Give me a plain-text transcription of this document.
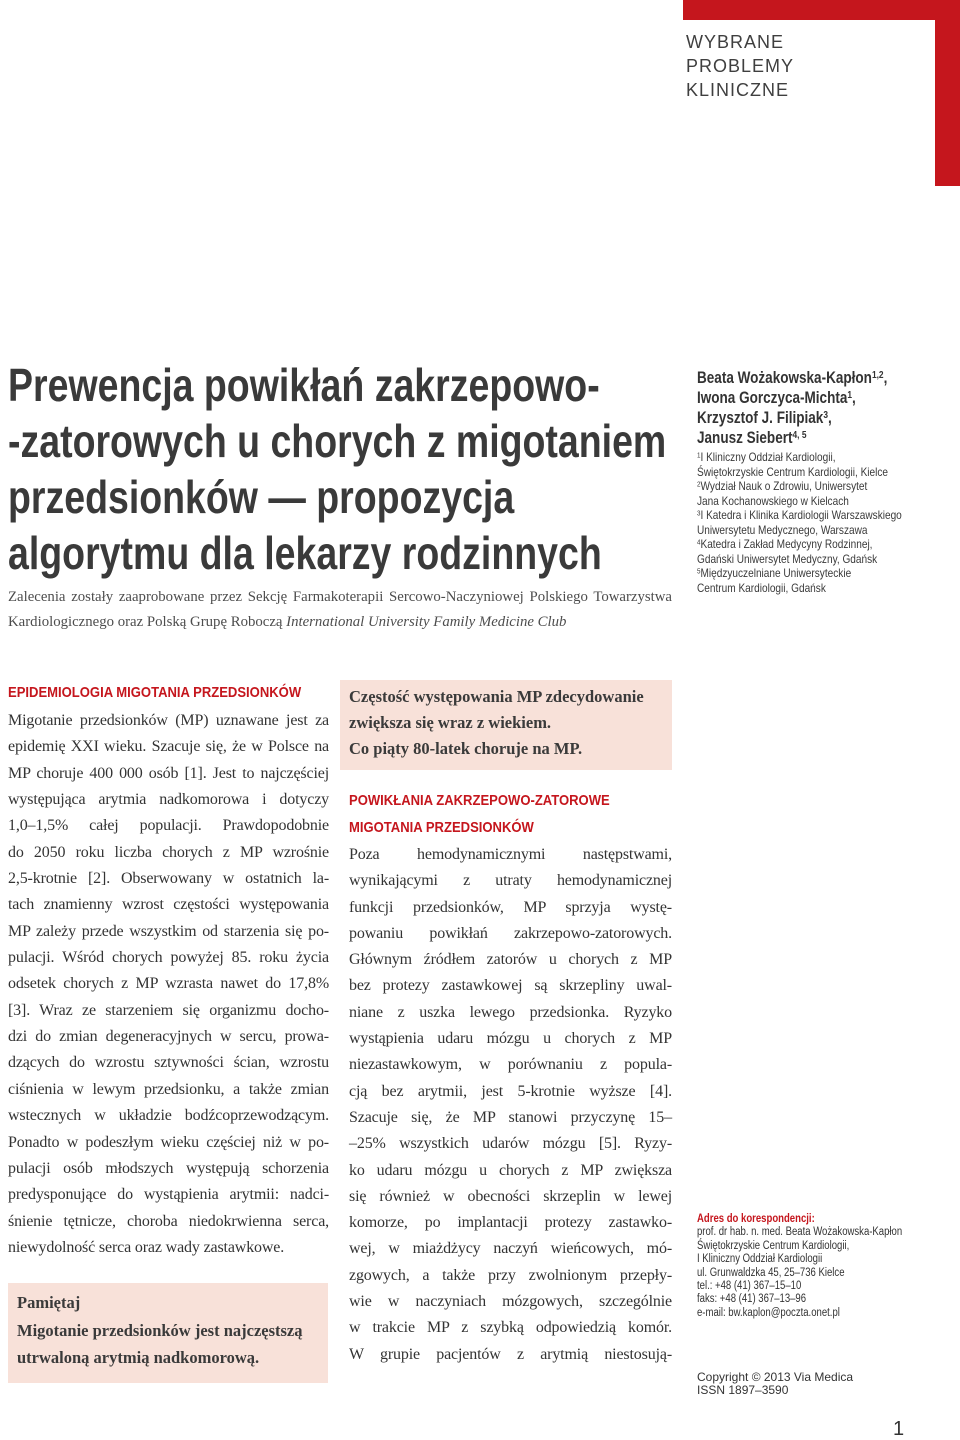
WYBRANE
PROBLEMY
KLINICZNE
Prewencja powikłań zakrzepowo-
-zatorowych u chorych z migotaniem
przedsionków — propozycja
algorytmu dla lekarzy rodzinnych
Zalecenia zostały zaaprobowane przez Sekcję Farmakoterapii Sercowo-Naczyniowej Polskiego Towarzystwa
Kardiologicznego oraz Polską Grupę Roboczą International University Family Medicine Club
Beata Wożakowska-Kapłon$^{1,2}$,
Iwona Gorczyca-Michta$^1$,
Krzysztof J. Filipiak$^3$,
Janusz Siebert$^{4, 5}$
$^1$I Kliniczny Oddział Kardiologii,
Świętokrzyskie Centrum Kardiologii, Kielce
$^2$Wydział Nauk o Zdrowiu, Uniwersytet
Jana Kochanowskiego w Kielcach
$^3$I Katedra i Klinika Kardiologii Warszawskiego
Uniwersytetu Medycznego, Warszawa
$^4$Katedra i Zakład Medycyny Rodzinnej,
Gdański Uniwersytet Medyczny, Gdańsk
$^5$Międzyuczelniane Uniwersyteckie
Centrum Kardiologii, Gdańsk
EPIDEMIOLOGIA MIGOTANIA PRZEDSIONKÓW
Migotanie przedsionków (MP) uznawane jest za
epidemię XXI wieku. Szacuje się, że w Polsce na
MP choruje 400 000 osób [1]. Jest to najczęściej
występująca arytmia nadkomorowa i dotyczy
1,0–1,5% całej populacji. Prawdopodobnie
do 2050 roku liczba chorych z MP wzrośnie
2,5-krotnie [2]. Obserwowany w ostatnich la-
tach znamienny wzrost częstości występowania
MP zależy przede wszystkim od starzenia się po-
pulacji. Wśród chorych powyżej 85. roku życia
odsetek chorych z MP wzrasta nawet do 17,8%
[3]. Wraz ze starzeniem się organizmu docho-
dzi do zmian degeneracyjnych w sercu, prowa-
dzących do wzrostu sztywności ścian, wzrostu
ciśnienia w lewym przedsionku, a także zmian
wstecznych w układzie bodźcoprzewodzącym.
Ponadto w podeszłym wieku częściej niż w po-
pulacji osób młodszych występują schorzenia
predysponujące do wystąpienia arytmii: nadci-
śnienie tętnicze, choroba niedokrwienna serca,
niewydolność serca oraz wady zastawkowe.
Pamiętaj
Migotanie przedsionków jest najczęstszą
utrwaloną arytmią nadkomorową.
Częstość występowania MP zdecydowanie
zwiększa się wraz z wiekiem.
Co piąty 80-latek choruje na MP.
POWIKŁANIA ZAKRZEPOWO-ZATOROWE
MIGOTANIA PRZEDSIONKÓW
Poza hemodynamicznymi następstwami,
wynikającymi z utraty hemodynamicznej
funkcji przedsionków, MP sprzyja wystę-
powaniu powikłań zakrzepowo-zatorowych.
Głównym źródłem zatorów u chorych z MP
bez protezy zastawkowej są skrzepliny uwal-
niane z uszka lewego przedsionka. Ryzyko
wystąpienia udaru mózgu u chorych z MP
niezastawkowym, w porównaniu z popula-
cją bez arytmii, jest 5-krotnie wyższe [4].
Szacuje się, że MP stanowi przyczynę 15–
–25% wszystkich udarów mózgu [5]. Ryzy-
ko udaru mózgu u chorych z MP zwiększa
się również w obecności skrzeplin w lewej
komorze, po implantacji protezy zastawko-
wej, w miażdżycy naczyń wieńcowych, mó-
zgowych, a także przy zwolnionym przepły-
wie w naczyniach mózgowych, szczególnie
w trakcie MP z szybką odpowiedzią komór.
W grupie pacjentów z arytmią niestosują-
Adres do korespondencji:
prof. dr hab. n. med. Beata Wożakowska-Kapłon
Świętokrzyskie Centrum Kardiologii,
I Kliniczny Oddział Kardiologii
ul. Grunwaldzka 45, 25–736 Kielce
tel.: +48 (41) 367–15–10
faks: +48 (41) 367–13–96
e-mail: bw.kaplon@poczta.onet.pl
Copyright © 2013 Via Medica
ISSN 1897–3590
1
